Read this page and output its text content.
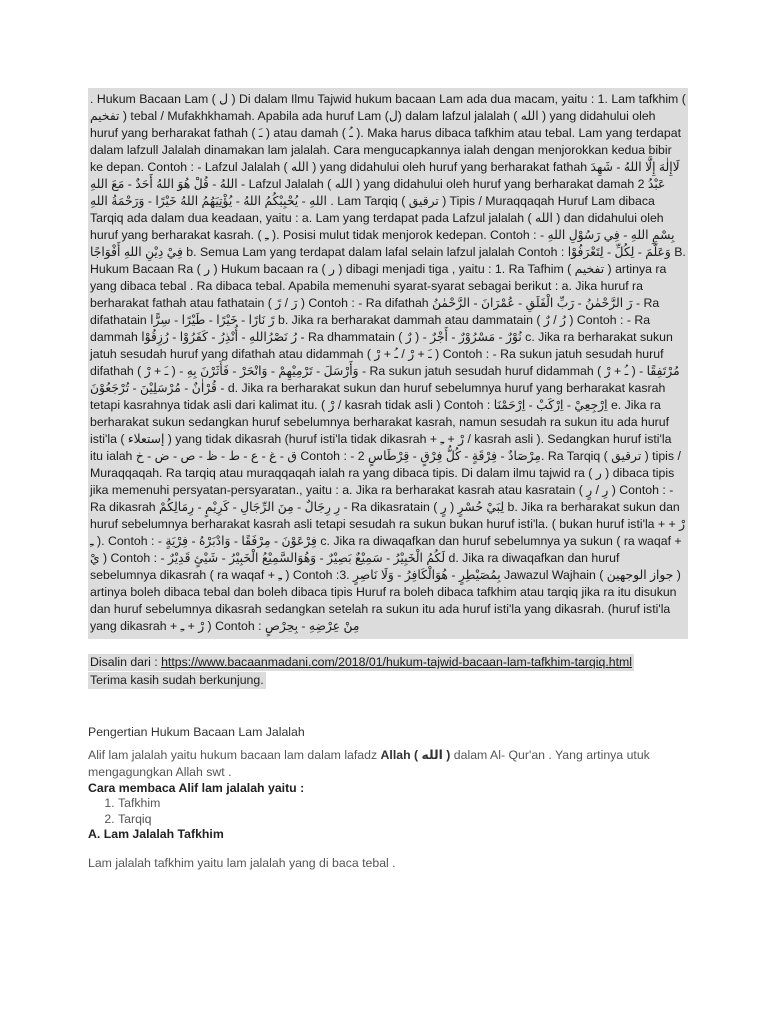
. Hukum Bacaan Lam ( ل ) Di dalam Ilmu Tajwid hukum bacaan Lam ada dua macam, yaitu : 1. Lam tafkhim ( تفخيم ) tebal / Mufakhkhamah. Apabila ada huruf Lam (ل) dalam lafzul jalalah ( الله ) yang didahului oleh huruf yang berharakat fathah ( ـَ ) atau damah ( ـُ ). Maka harus dibaca tafkhim atau tebal. Lam yang terdapat dalam lafzull Jalalah dinamakan lam jalalah. Cara mengucapkannya ialah dengan menjorokkan kedua bibir ke depan. Contoh : - Lafzul Jalalah ( الله ) yang didahului oleh huruf yang berharakat fathah لَاإِلٰهَ إِلَّا اللهُ - شَهِدَ اللهُ - قُلْ هُوَ اللهُ أَحَدٌ - مَعَ اللهِ - Lafzul Jalalah ( الله ) yang didahului oleh huruf yang berharakat damah 2 عَبْدُ اللهِ - يُحْبِبْكُمُ اللهُ - يُؤْتِيَهُمُ اللهُ خَيْرًا - وَرَحْمَةُ اللهِ . Lam Tarqiq ( ترقيق ) Tipis / Muraqqaqah Huruf Lam dibaca Tarqiq ada dalam dua keadaan, yaitu : a. Lam yang terdapat pada Lafzul jalalah ( الله ) dan didahului oleh huruf yang berharakat kasrah. ( ـِ ). Posisi mulut tidak menjorok kedepan. Contoh : بِسْمِ اللهِ - فِي رَسُوْلِ اللهِ - فِيْ دِيْنِ اللهِ أَفْوَاجًا b. Semua Lam yang terdapat dalam lafal selain lafzul jalalah Contoh : وَعَلَّمَ - لِكُلِّ - لِتَعْرَفُوْا B. Hukum Bacaan Ra ( ر ) Hukum bacaan ra ( ر ) dibagi menjadi tiga , yaitu : 1. Ra Tafhim ( تفخيم ) artinya ra yang dibaca tebal . Ra dibaca tebal. Apabila memenuhi syarat-syarat sebagai berikut : a. Jika huruf ra berharakat fathah atau fathatain ( رَ / رً ) Contoh : - Ra difathah رَ الرَّحْمٰنُ - رَبِّ الْفَلَقِ - عُمْرَانَ - الرَّحْمٰنُ - Ra difathatain رً نَارًا - خَيْرًا - طَيْرًا - سِرًّا b. Jika ra berharakat dammah atau dammatain ( رُ / رٌ ) Contoh : - Ra dammah رُ نَصْرُاللهِ - أُنْذِرُ - كَفَرُوْا - رُزِقُوْا - Ra dhammatain ( رٌ ) - نُوْرٌ - مَسْرُوْرٌ - أَجْرٌ c. Jika ra berharakat sukun jatuh sesudah huruf yang difathah atau didammah ( ـَ + رْ / ـُ + رْ ) Contoh : - Ra sukun jatuh sesudah huruf difathah ( ـَ + رْ ) - وَأَرْسَلَ - تَرْمِيْهِمْ - وَانْحَرْ - فَأَثَرْنَ بِهِ - Ra sukun jatuh sesudah huruf didammah ( ـُ + رْ ) - مُرْتَفِقًا - قُرْاٰنٌ - مُرْسَلِيْنَ - تُرْجَعُوْنَ d. Jika ra berharakat sukun dan huruf sebelumnya huruf yang berharakat kasrah tetapi kasrahnya tidak asli dari kalimat itu. ( رْ / kasrah tidak asli ) Contoh : اِرْجِعِيْ - اِرْكَبْ - اِرْحَمْنَا e. Jika ra berharakat sukun sedangkan huruf sebelumnya berharakat kasrah, namun sesudah ra sukun itu ada huruf isti'la ( إستعلاء ) yang tidak dikasrah (huruf isti'la tidak dikasrah + رْ + ـِ / kasrah asli ). Sedangkan huruf isti'la itu ialah ق - غ - ع - ط - ظ - ص - ض - خ Contoh : - مِرْصَادٌ - فِرْقَةٍ - كُلُّ فِرْقٍ - قِرْطَاسٍ 2. Ra Tarqiq ( ترقيق ) tipis / Muraqqaqah. Ra tarqiq atau muraqqaqah ialah ra yang dibaca tipis. Di dalam ilmu tajwid ra ( ر ) dibaca tipis jika memenuhi persyatan-persyaratan., yaitu : a. Jika ra berharakat kasrah atau kasratain ( رِ / رٍ ) Contoh : - Ra dikasrah رِ رِجَالٌ - مِنَ الرِّجَالِ - كَرِيْمٍ - رِمَالِكُمْ - Ra dikasratain ( رٍ ) لِبَيْ حُسْرٍ b. Jika ra berharakat sukun dan huruf sebelumnya berharakat kasrah asli tetapi sesudah ra sukun bukan huruf isti'la. ( bukan huruf isti'la + رْ + ـِ ). Contoh : - فِرْعَوْنَ - مِرْفَقًا - وَادْبَرْهُ - فِرْيَةٍ c. Jika ra diwaqafkan dan huruf sebelumnya ya sukun ( ra waqaf + يْ ) Contoh : - لَكُمُ الْخَبِيْرُ - سَمِيْعٌ بَصِيْرٌ - وَهُوَالسَّمِيْعُ الْخَبِيْرُ - شَيْئٍ قَدِيْرٌ d. Jika ra diwaqafkan dan huruf sebelumnya dikasrah ( ra waqaf + ـِ ) Contoh :3. بِمُصَيْطِرٍ - هُوَالْكَافِرُ - وَلَا نَاصِرٍ Jawazul Wajhain ( جواز الوجهين ) artinya boleh dibaca tebal dan boleh dibaca tipis Huruf ra boleh dibaca tafkhim atau tarqiq jika ra itu disukun dan huruf sebelumnya dikasrah sedangkan setelah ra sukun itu ada huruf isti'la yang dikasrah. (huruf isti'la yang dikasrah + رْ + ـِ ) Contoh : مِنْ عِرْضِهِ - بِحِرْصٍ

Disalin dari : https://www.bacaanmadani.com/2018/01/hukum-tajwid-bacaan-lam-tafkhim-tarqiq.html
Terima kasih sudah berkunjung.
Pengertian Hukum Bacaan Lam Jalalah

Alif lam jalalah yaitu hukum bacaan lam dalam lafadz Allah ( الله ) dalam Al- Qur'an . Yang artinya utuk mengagungkan Allah swt .

Cara membaca Alif lam jalalah yaitu :
1. Tafkhim
2. Tarqiq
A. Lam Jalalah Tafkhim

Lam jalalah tafkhim yaitu lam jalalah yang di baca tebal .
